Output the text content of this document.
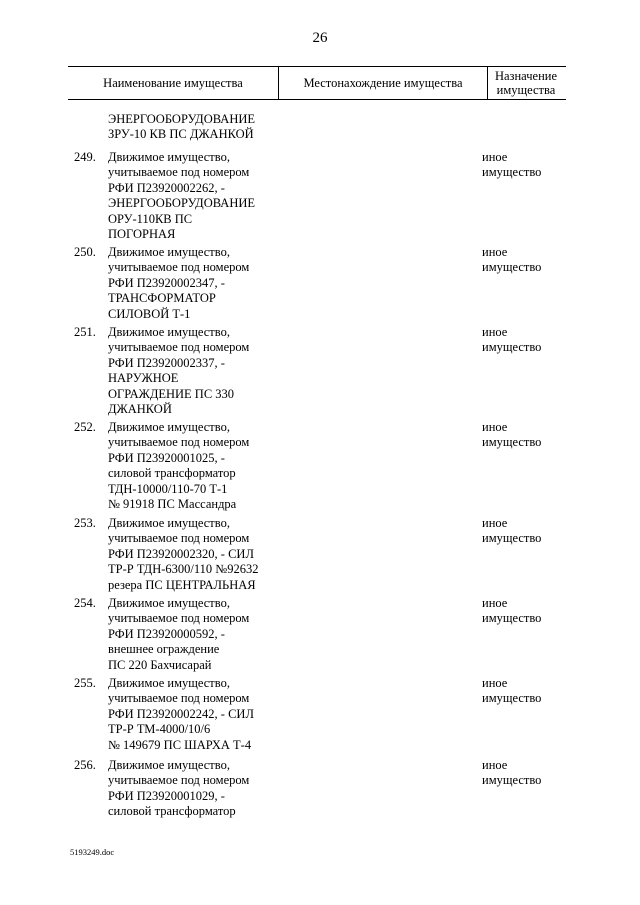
26
Наименование имущества	Местонахождение имущества	Назначение имущества
ЭНЕРГООБОРУДОВАНИЕ
ЗРУ-10 КВ ПС ДЖАНКОЙ
249. Движимое имущество,
учитываемое под номером
РФИ П23920002262, -
ЭНЕРГООБОРУДОВАНИЕ
ОРУ-110КВ ПС
ПОГОРНАЯ
иное
имущество
250. Движимое имущество,
учитываемое под номером
РФИ П23920002347, -
ТРАНСФОРМАТОР
СИЛОВОЙ Т-1
иное
имущество
251. Движимое имущество,
учитываемое под номером
РФИ П23920002337, -
НАРУЖНОЕ
ОГРАЖДЕНИЕ ПС 330
ДЖАНКОЙ
иное
имущество
252. Движимое имущество,
учитываемое под номером
РФИ П23920001025, -
силовой трансформатор
ТДН-10000/110-70 Т-1
№ 91918 ПС Массандра
иное
имущество
253. Движимое имущество,
учитываемое под номером
РФИ П23920002320, - СИЛ
ТР-Р ТДН-6300/110 №92632
резера ПС ЦЕНТРАЛЬНАЯ
иное
имущество
254. Движимое имущество,
учитываемое под номером
РФИ П23920000592, -
внешнее ограждение
ПС 220 Бахчисарай
иное
имущество
255. Движимое имущество,
учитываемое под номером
РФИ П23920002242, - СИЛ
ТР-Р ТМ-4000/10/6
№ 149679 ПС ШАРХА Т-4
иное
имущество
256. Движимое имущество,
учитываемое под номером
РФИ П23920001029, -
силовой трансформатор
иное
имущество
5193249.doc
